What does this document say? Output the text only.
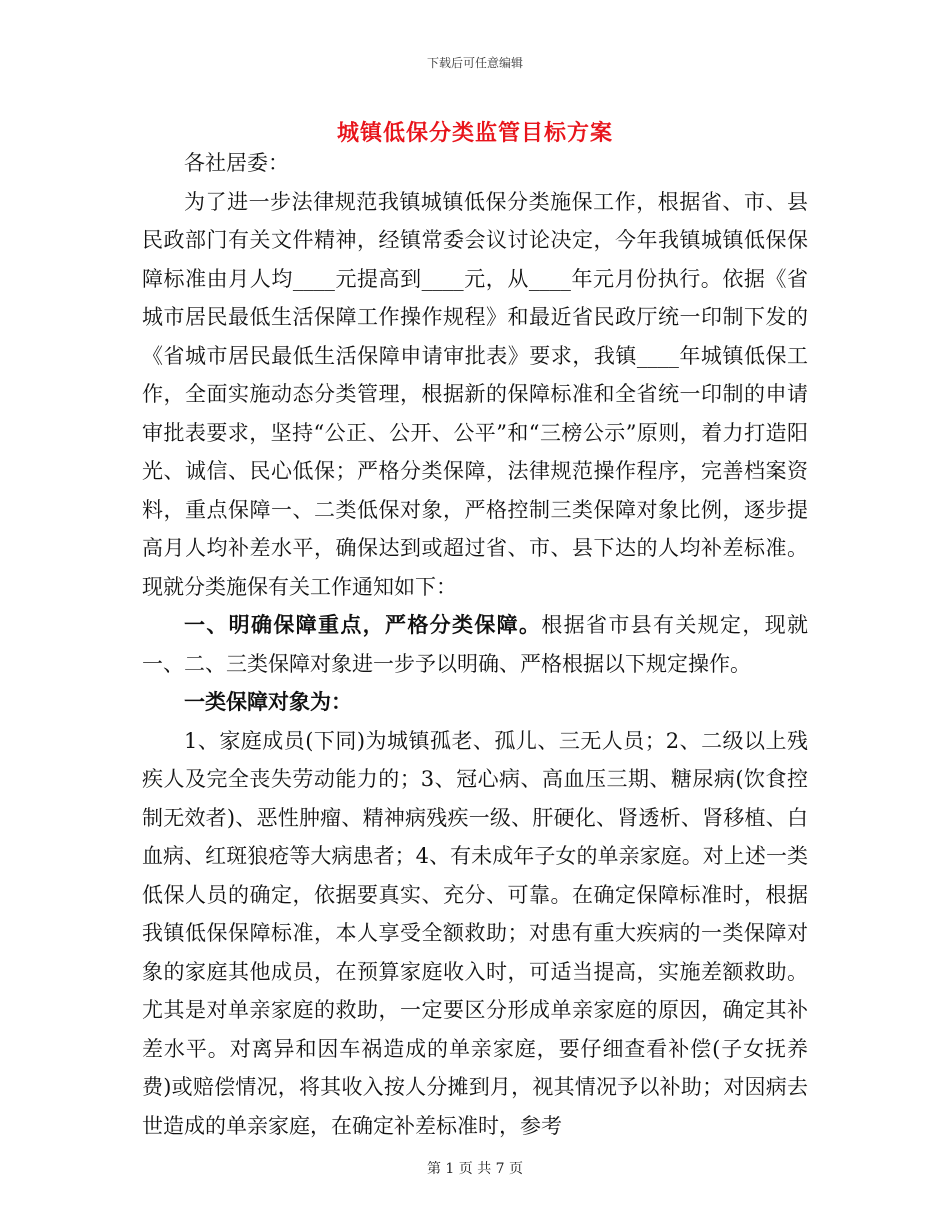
下载后可任意编辑
城镇低保分类监管目标方案

各社居委：

为了进一步法律规范我镇城镇低保分类施保工作，根据省、市、县民政部门有关文件精神，经镇常委会议讨论决定，今年我镇城镇低保保障标准由月人均____元提高到____元，从____年元月份执行。依据《省城市居民最低生活保障工作操作规程》和最近省民政厅统一印制下发的《省城市居民最低生活保障申请审批表》要求，我镇____年城镇低保工作，全面实施动态分类管理，根据新的保障标准和全省统一印制的申请审批表要求，坚持“公正、公开、公平”和“三榜公示”原则，着力打造阳光、诚信、民心低保；严格分类保障，法律规范操作程序，完善档案资料，重点保障一、二类低保对象，严格控制三类保障对象比例，逐步提高月人均补差水平，确保达到或超过省、市、县下达的人均补差标准。现就分类施保有关工作通知如下：

一、明确保障重点，严格分类保障。根据省市县有关规定，现就一、二、三类保障对象进一步予以明确、严格根据以下规定操作。

一类保障对象为：

1、家庭成员(下同)为城镇孤老、孤儿、三无人员；2、二级以上残疾人及完全丧失劳动能力的；3、冠心病、高血压三期、糖尿病(饮食控制无效者)、恶性肿瘤、精神病残疾一级、肝硬化、肾透析、肾移植、白血病、红斑狼疮等大病患者；4、有未成年子女的单亲家庭。对上述一类低保人员的确定，依据要真实、充分、可靠。在确定保障标准时，根据我镇低保保障标准，本人享受全额救助；对患有重大疾病的一类保障对象的家庭其他成员，在预算家庭收入时，可适当提高，实施差额救助。尤其是对单亲家庭的救助，一定要区分形成单亲家庭的原因，确定其补差水平。对离异和因车祸造成的单亲家庭，要仔细查看补偿(子女抚养费)或赔偿情况，将其收入按人分摊到月，视其情况予以补助；对因病去世造成的单亲家庭，在确定补差标准时，参考

第 1 页 共 7 页
